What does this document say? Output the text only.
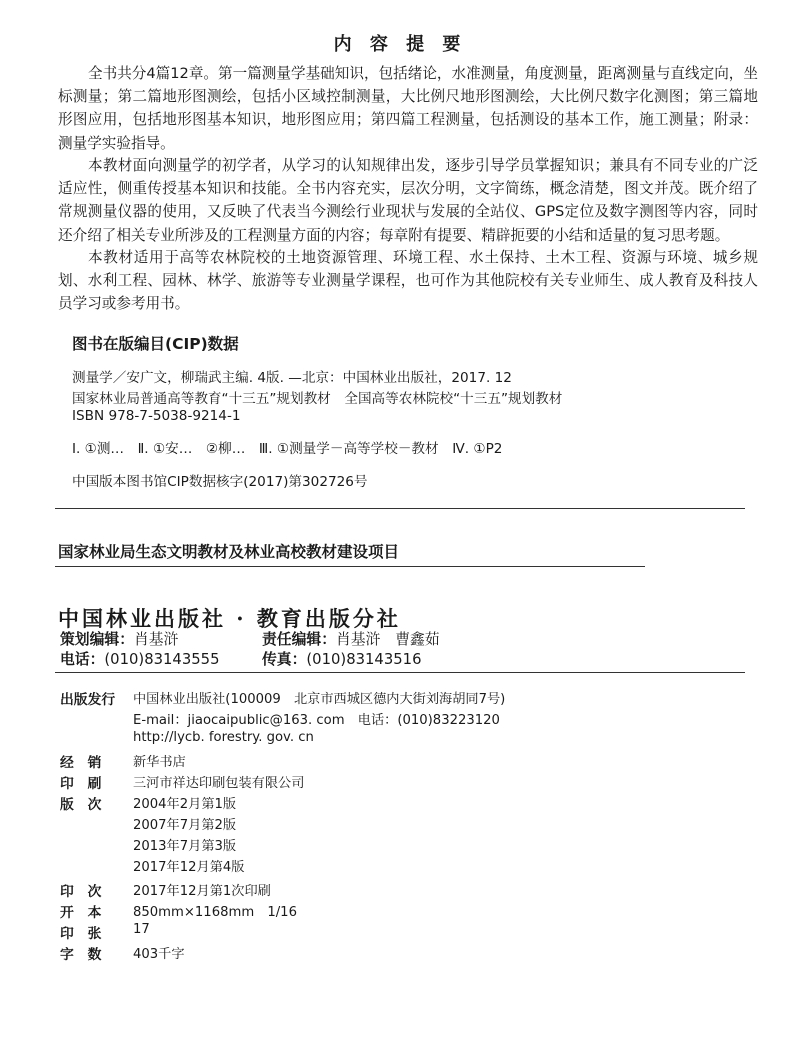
内 容 提 要

全书共分4篇12章。第一篇测量学基础知识，包括绪论，水准测量，角度测量，距离测量与直线定向，坐标测量；第二篇地形图测绘，包括小区域控制测量，大比例尺地形图测绘，大比例尺数字化测图；第三篇地形图应用，包括地形图基本知识，地形图应用；第四篇工程测量，包括测设的基本工作，施工测量；附录：测量学实验指导。

本教材面向测量学的初学者，从学习的认知规律出发，逐步引导学员掌握知识；兼具有不同专业的广泛适应性，侧重传授基本知识和技能。全书内容充实，层次分明，文字简练，概念清楚，图文并茂。既介绍了常规测量仪器的使用，又反映了代表当今测绘行业现状与发展的全站仪、GPS定位及数字测图等内容，同时还介绍了相关专业所涉及的工程测量方面的内容；每章附有提要、精辟扼要的小结和适量的复习思考题。

本教材适用于高等农林院校的土地资源管理、环境工程、水土保持、土木工程、资源与环境、城乡规划、水利工程、园林、林学、旅游等专业测量学课程，也可作为其他院校有关专业师生、成人教育及科技人员学习或参考用书。

图书在版编目(CIP)数据
测量学／安广文，柳瑞武主编. 4版. —北京：中国林业出版社，2017. 12
国家林业局普通高等教育“十三五”规划教材　全国高等农林院校“十三五”规划教材
ISBN 978-7-5038-9214-1
Ⅰ. ①测…　Ⅱ. ①安…　②柳…　Ⅲ. ①测量学－高等学校－教材　Ⅳ. ①P2
中国版本图书馆CIP数据核字(2017)第302726号
国家林业局生态文明教材及林业高校教材建设项目
中国林业出版社 · 教育出版分社
策划编辑：肖基浒	责任编辑：肖基浒　曹鑫茹
电话：(010)83143555	传真：(010)83143516
出版发行 中国林业出版社(100009　北京市西城区德内大街刘海胡同7号)
E-mail：jiaocaipublic@163. com　电话：(010)83223120
http://lycb. forestry. gov. cn
经　销	新华书店
印　刷	三河市祥达印刷包装有限公司
版　次	2004年2月第1版
2007年7月第2版
2013年7月第3版
2017年12月第4版
印　次	2017年12月第1次印刷
开　本	850mm×1168mm　1/16
印　张	17
字　数	403千字
